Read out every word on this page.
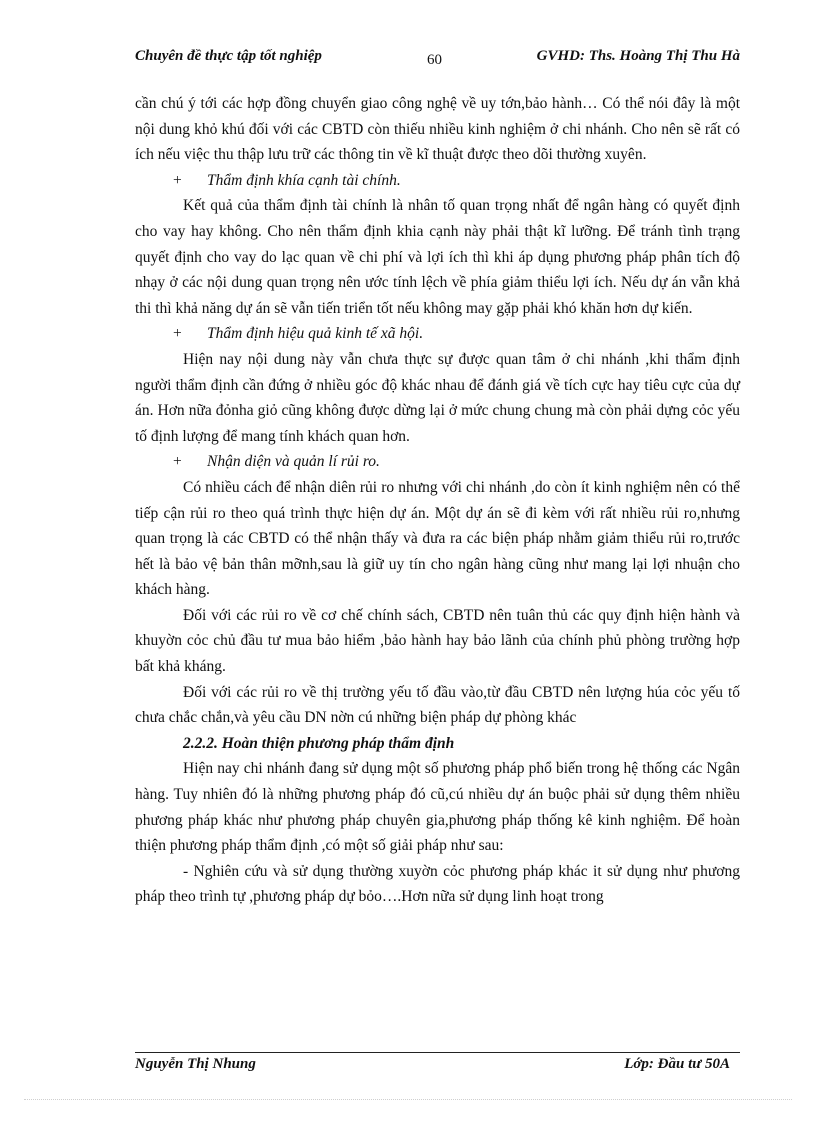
Chuyên đề thực tập tốt nghiệp	60	GVHD: Ths. Hoàng Thị Thu Hà

cần chú ý tới các hợp đồng chuyển giao công nghệ về uy tớn,bảo hành… Có thể nói đây là một nội dung khỏ khú đối với các CBTD còn thiếu nhiều kinh nghiệm ở chi nhánh. Cho nên sẽ rất có ích nếu việc thu thập lưu trữ các thông tin về kĩ thuật được theo dõi thường xuyên.

+ Thẩm định khía cạnh tài chính.

Kết quả của thẩm định tài chính là nhân tố quan trọng nhất để ngân hàng có quyết định cho vay hay không. Cho nên thẩm định khia cạnh này phải thật kĩ lưỡng. Để tránh tình trạng quyết định cho vay do lạc quan về chi phí và lợi ích thì khi áp dụng phương pháp phân tích độ nhạy ở các nội dung quan trọng nên ước tính lệch về phía giảm thiểu lợi ích. Nếu dự án vẫn khả thi thì khả năng dự án sẽ vẫn tiến triển tốt nếu không may gặp phải khó khăn hơn dự kiến.

+ Thẩm định hiệu quả kinh tế xã hội.

Hiện nay nội dung này vẫn chưa thực sự được quan tâm ở chi nhánh ,khi thẩm định người thẩm định cần đứng ở nhiều góc độ khác nhau để đánh giá về tích cực hay tiêu cực của dự án. Hơn nữa đỏnha giỏ cũng không được dừng lại ở mức chung chung mà còn phải dựng cỏc yếu tố định lượng để mang tính khách quan hơn.

+ Nhận diện và quản lí rủi ro.

Có nhiều cách để nhận diên rủi ro nhưng với chi nhánh ,do còn ít kinh nghiệm nên có thể tiếp cận rủi ro theo quá trình thực hiện dự án. Một dự án sẽ đi kèm với rất nhiều rủi ro,nhưng quan trọng là các CBTD có thể nhận thấy và đưa ra các biện pháp nhằm giảm thiểu rủi ro,trước hết là bảo vệ bản thân mỡnh,sau là giữ uy tín cho ngân hàng cũng như mang lại lợi nhuận cho khách hàng.

Đối với các rủi ro về cơ chế chính sách, CBTD nên tuân thủ các quy định hiện hành và khuyờn cỏc chủ đầu tư mua bảo hiểm ,bảo hành hay bảo lãnh của chính phủ phòng trường hợp bất khả kháng.

Đối với các rủi ro về thị trường yếu tố đầu vào,từ đầu CBTD nên lượng húa cỏc yếu tố chưa chắc chắn,và yêu cầu DN nờn cú những biện pháp dự phòng khác

2.2.2. Hoàn thiện phương pháp thẩm định

Hiện nay chi nhánh đang sử dụng một số phương pháp phổ biến trong hệ thống các Ngân hàng. Tuy nhiên đó là những phương pháp đó cũ,cú nhiều dự án buộc phải sử dụng thêm nhiều phương pháp khác như phương pháp chuyên gia,phương pháp thống kê kinh nghiệm. Để hoàn thiện phương pháp thẩm định ,có một số giải pháp như sau:

- Nghiên cứu và sử dụng thường xuyờn cỏc phương pháp khác it sử dụng như phương pháp theo trình tự ,phương pháp dự bỏo….Hơn nữa sử dụng linh hoạt trong

Nguyễn Thị Nhung	Lớp: Đầu tư 50A
